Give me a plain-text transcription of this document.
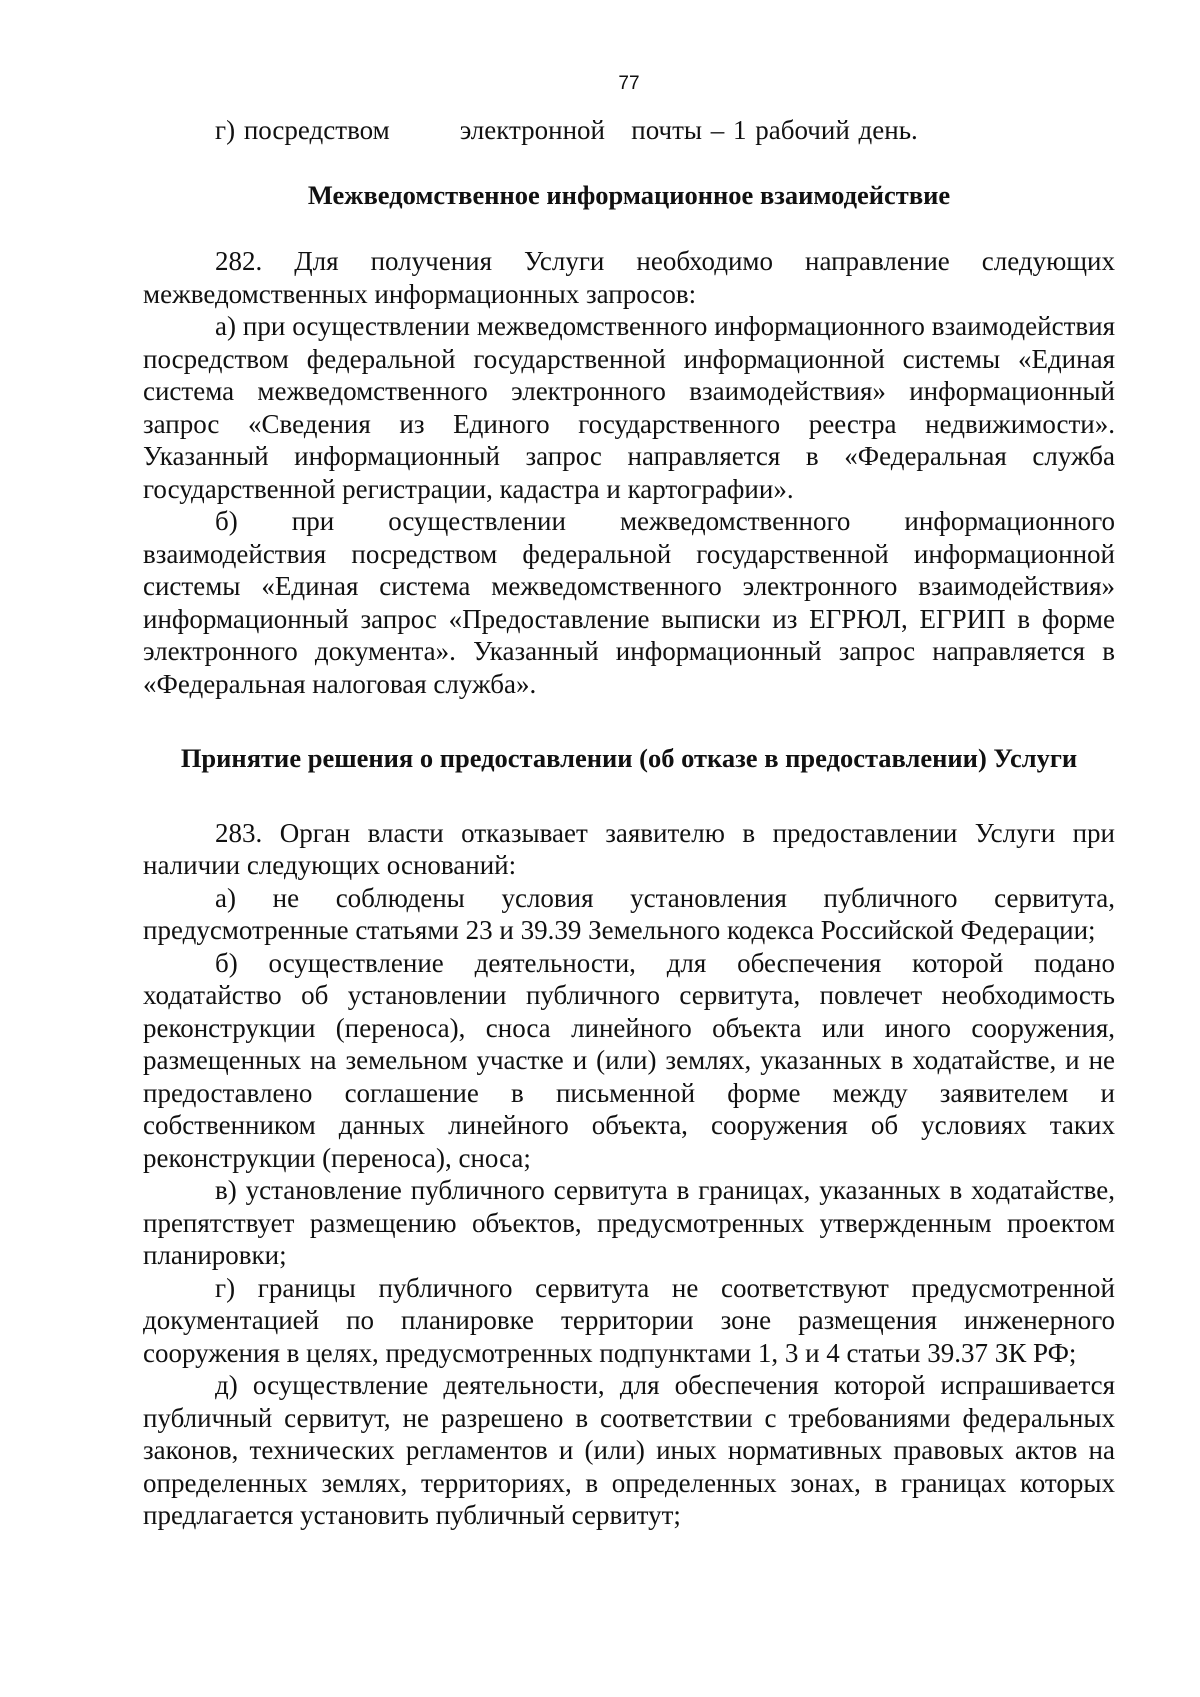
77
г) посредством        электронной   почты – 1 рабочий день.

Межведомственное информационное взаимодействие

282. Для получения Услуги необходимо направление следующих межведомственных информационных запросов:

а) при осуществлении межведомственного информационного взаимодействия посредством федеральной государственной информационной системы «Единая система межведомственного электронного взаимодействия» информационный запрос «Сведения из Единого государственного реестра недвижимости». Указанный информационный запрос направляется в «Федеральная служба государственной регистрации, кадастра и картографии».

б) при осуществлении межведомственного информационного взаимодействия посредством федеральной государственной информационной системы «Единая система межведомственного электронного взаимодействия» информационный запрос «Предоставление выписки из ЕГРЮЛ, ЕГРИП в форме электронного документа». Указанный информационный запрос направляется в «Федеральная налоговая служба».

Принятие решения о предоставлении (об отказе в предоставлении) Услуги

283. Орган власти отказывает заявителю в предоставлении Услуги при наличии следующих оснований:

а) не соблюдены условия установления публичного сервитута, предусмотренные статьями 23 и 39.39 Земельного кодекса Российской Федерации;

б) осуществление деятельности, для обеспечения которой подано ходатайство об установлении публичного сервитута, повлечет необходимость реконструкции (переноса), сноса линейного объекта или иного сооружения, размещенных на земельном участке и (или) землях, указанных в ходатайстве, и не предоставлено соглашение в письменной форме между заявителем и собственником данных линейного объекта, сооружения об условиях таких реконструкции (переноса), сноса;

в) установление публичного сервитута в границах, указанных в ходатайстве, препятствует размещению объектов, предусмотренных утвержденным проектом планировки;

г) границы публичного сервитута не соответствуют предусмотренной документацией по планировке территории зоне размещения инженерного сооружения в целях, предусмотренных подпунктами 1, 3 и 4 статьи 39.37 ЗК РФ;

д) осуществление деятельности, для обеспечения которой испрашивается публичный сервитут, не разрешено в соответствии с требованиями федеральных законов, технических регламентов и (или) иных нормативных правовых актов на определенных землях, территориях, в определенных зонах, в границах которых предлагается установить публичный сервитут;
